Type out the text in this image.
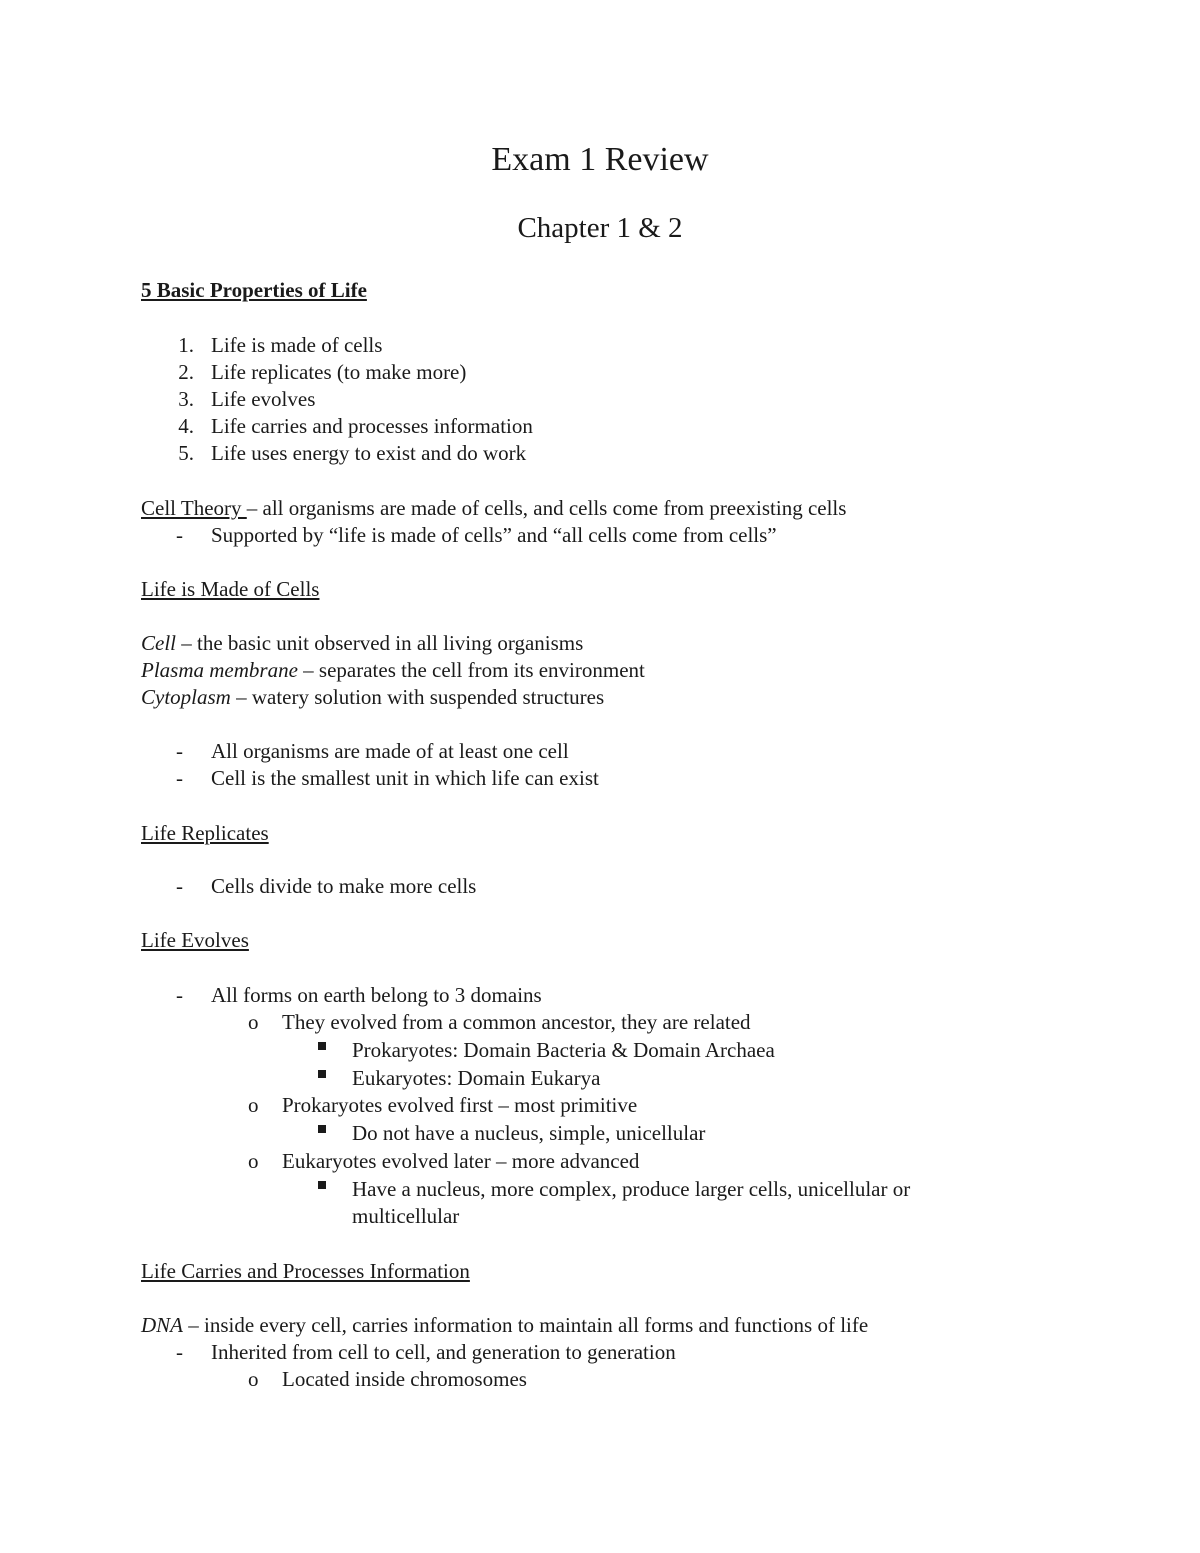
Exam 1 Review
Chapter 1 & 2
5 Basic Properties of Life
1. Life is made of cells
2. Life replicates (to make more)
3. Life evolves
4. Life carries and processes information
5. Life uses energy to exist and do work
Cell Theory – all organisms are made of cells, and cells come from preexisting cells
- Supported by “life is made of cells” and “all cells come from cells”
Life is Made of Cells
Cell – the basic unit observed in all living organisms
Plasma membrane – separates the cell from its environment
Cytoplasm – watery solution with suspended structures
- All organisms are made of at least one cell
- Cell is the smallest unit in which life can exist
Life Replicates
- Cells divide to make more cells
Life Evolves
- All forms on earth belong to 3 domains
o They evolved from a common ancestor, they are related
Prokaryotes: Domain Bacteria & Domain Archaea
Eukaryotes: Domain Eukarya
o Prokaryotes evolved first – most primitive
Do not have a nucleus, simple, unicellular
o Eukaryotes evolved later – more advanced
Have a nucleus, more complex, produce larger cells, unicellular or
multicellular
Life Carries and Processes Information
DNA – inside every cell, carries information to maintain all forms and functions of life
- Inherited from cell to cell, and generation to generation
o Located inside chromosomes
